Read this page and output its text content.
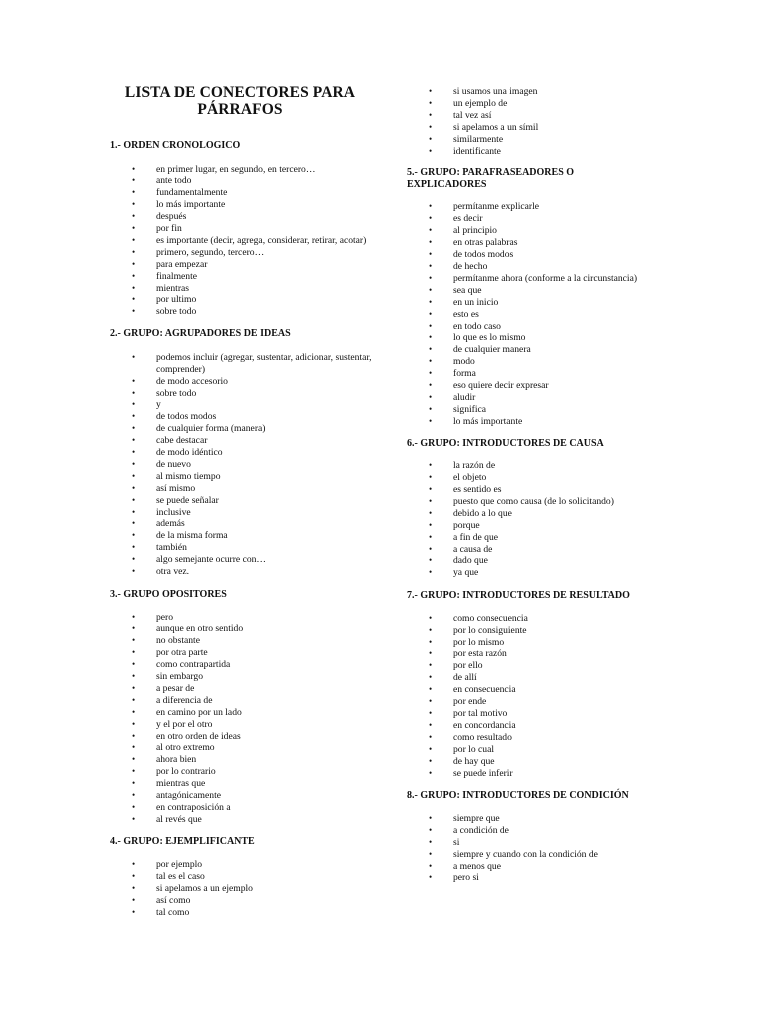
LISTA DE CONECTORES PARA
PÁRRAFOS
1.- ORDEN CRONOLOGICO
• en primer lugar, en segundo, en tercero…
• ante todo
• fundamentalmente
• lo más importante
• después
• por fin
• es importante (decir, agrega, considerar, retirar, acotar)
• primero, segundo, tercero…
• para empezar
• finalmente
• mientras
• por ultimo
• sobre todo
2.- GRUPO: AGRUPADORES DE IDEAS
• podemos incluir (agregar, sustentar, adicionar, sustentar, comprender)
• de modo accesorio
• sobre todo
• y
• de todos modos
• de cualquier forma (manera)
• cabe destacar
• de modo idéntico
• de nuevo
• al mismo tiempo
• así mismo
• se puede señalar
• inclusive
• además
• de la misma forma
• también
• algo semejante ocurre con…
• otra vez.
3.- GRUPO OPOSITORES
• pero
• aunque en otro sentido
• no obstante
• por otra parte
• como contrapartida
• sin embargo
• a pesar de
• a diferencia de
• en camino por un lado
• y el por el otro
• en otro orden de ideas
• al otro extremo
• ahora bien
• por lo contrario
• mientras que
• antagónicamente
• en contraposición a
• al revés que
4.- GRUPO: EJEMPLIFICANTE
• por ejemplo
• tal es el caso
• si apelamos a un ejemplo
• así como
• tal como
• si usamos una imagen
• un ejemplo de
• tal vez así
• si apelamos a un símil
• similarmente
• identificante
5.- GRUPO: PARAFRASEADORES O
EXPLICADORES
• permítanme explicarle
• es decir
• al principio
• en otras palabras
• de todos modos
• de hecho
• permítanme ahora (conforme a la circunstancia)
• sea que
• en un inicio
• esto es
• en todo caso
• lo que es lo mismo
• de cualquier manera
• modo
• forma
• eso quiere decir expresar
• aludir
• significa
• lo más importante
6.- GRUPO: INTRODUCTORES DE CAUSA
• la razón de
• el objeto
• es sentido es
• puesto que como causa (de lo solicitando)
• debido a lo que
• porque
• a fin de que
• a causa de
• dado que
• ya que
7.- GRUPO: INTRODUCTORES DE RESULTADO
• como consecuencia
• por lo consiguiente
• por lo mismo
• por esta razón
• por ello
• de allí
• en consecuencia
• por ende
• por tal motivo
• en concordancia
• como resultado
• por lo cual
• de hay que
• se puede inferir
8.- GRUPO: INTRODUCTORES DE CONDICIÓN
• siempre que
• a condición de
• si
• siempre y cuando con la condición de
• a menos que
• pero si
